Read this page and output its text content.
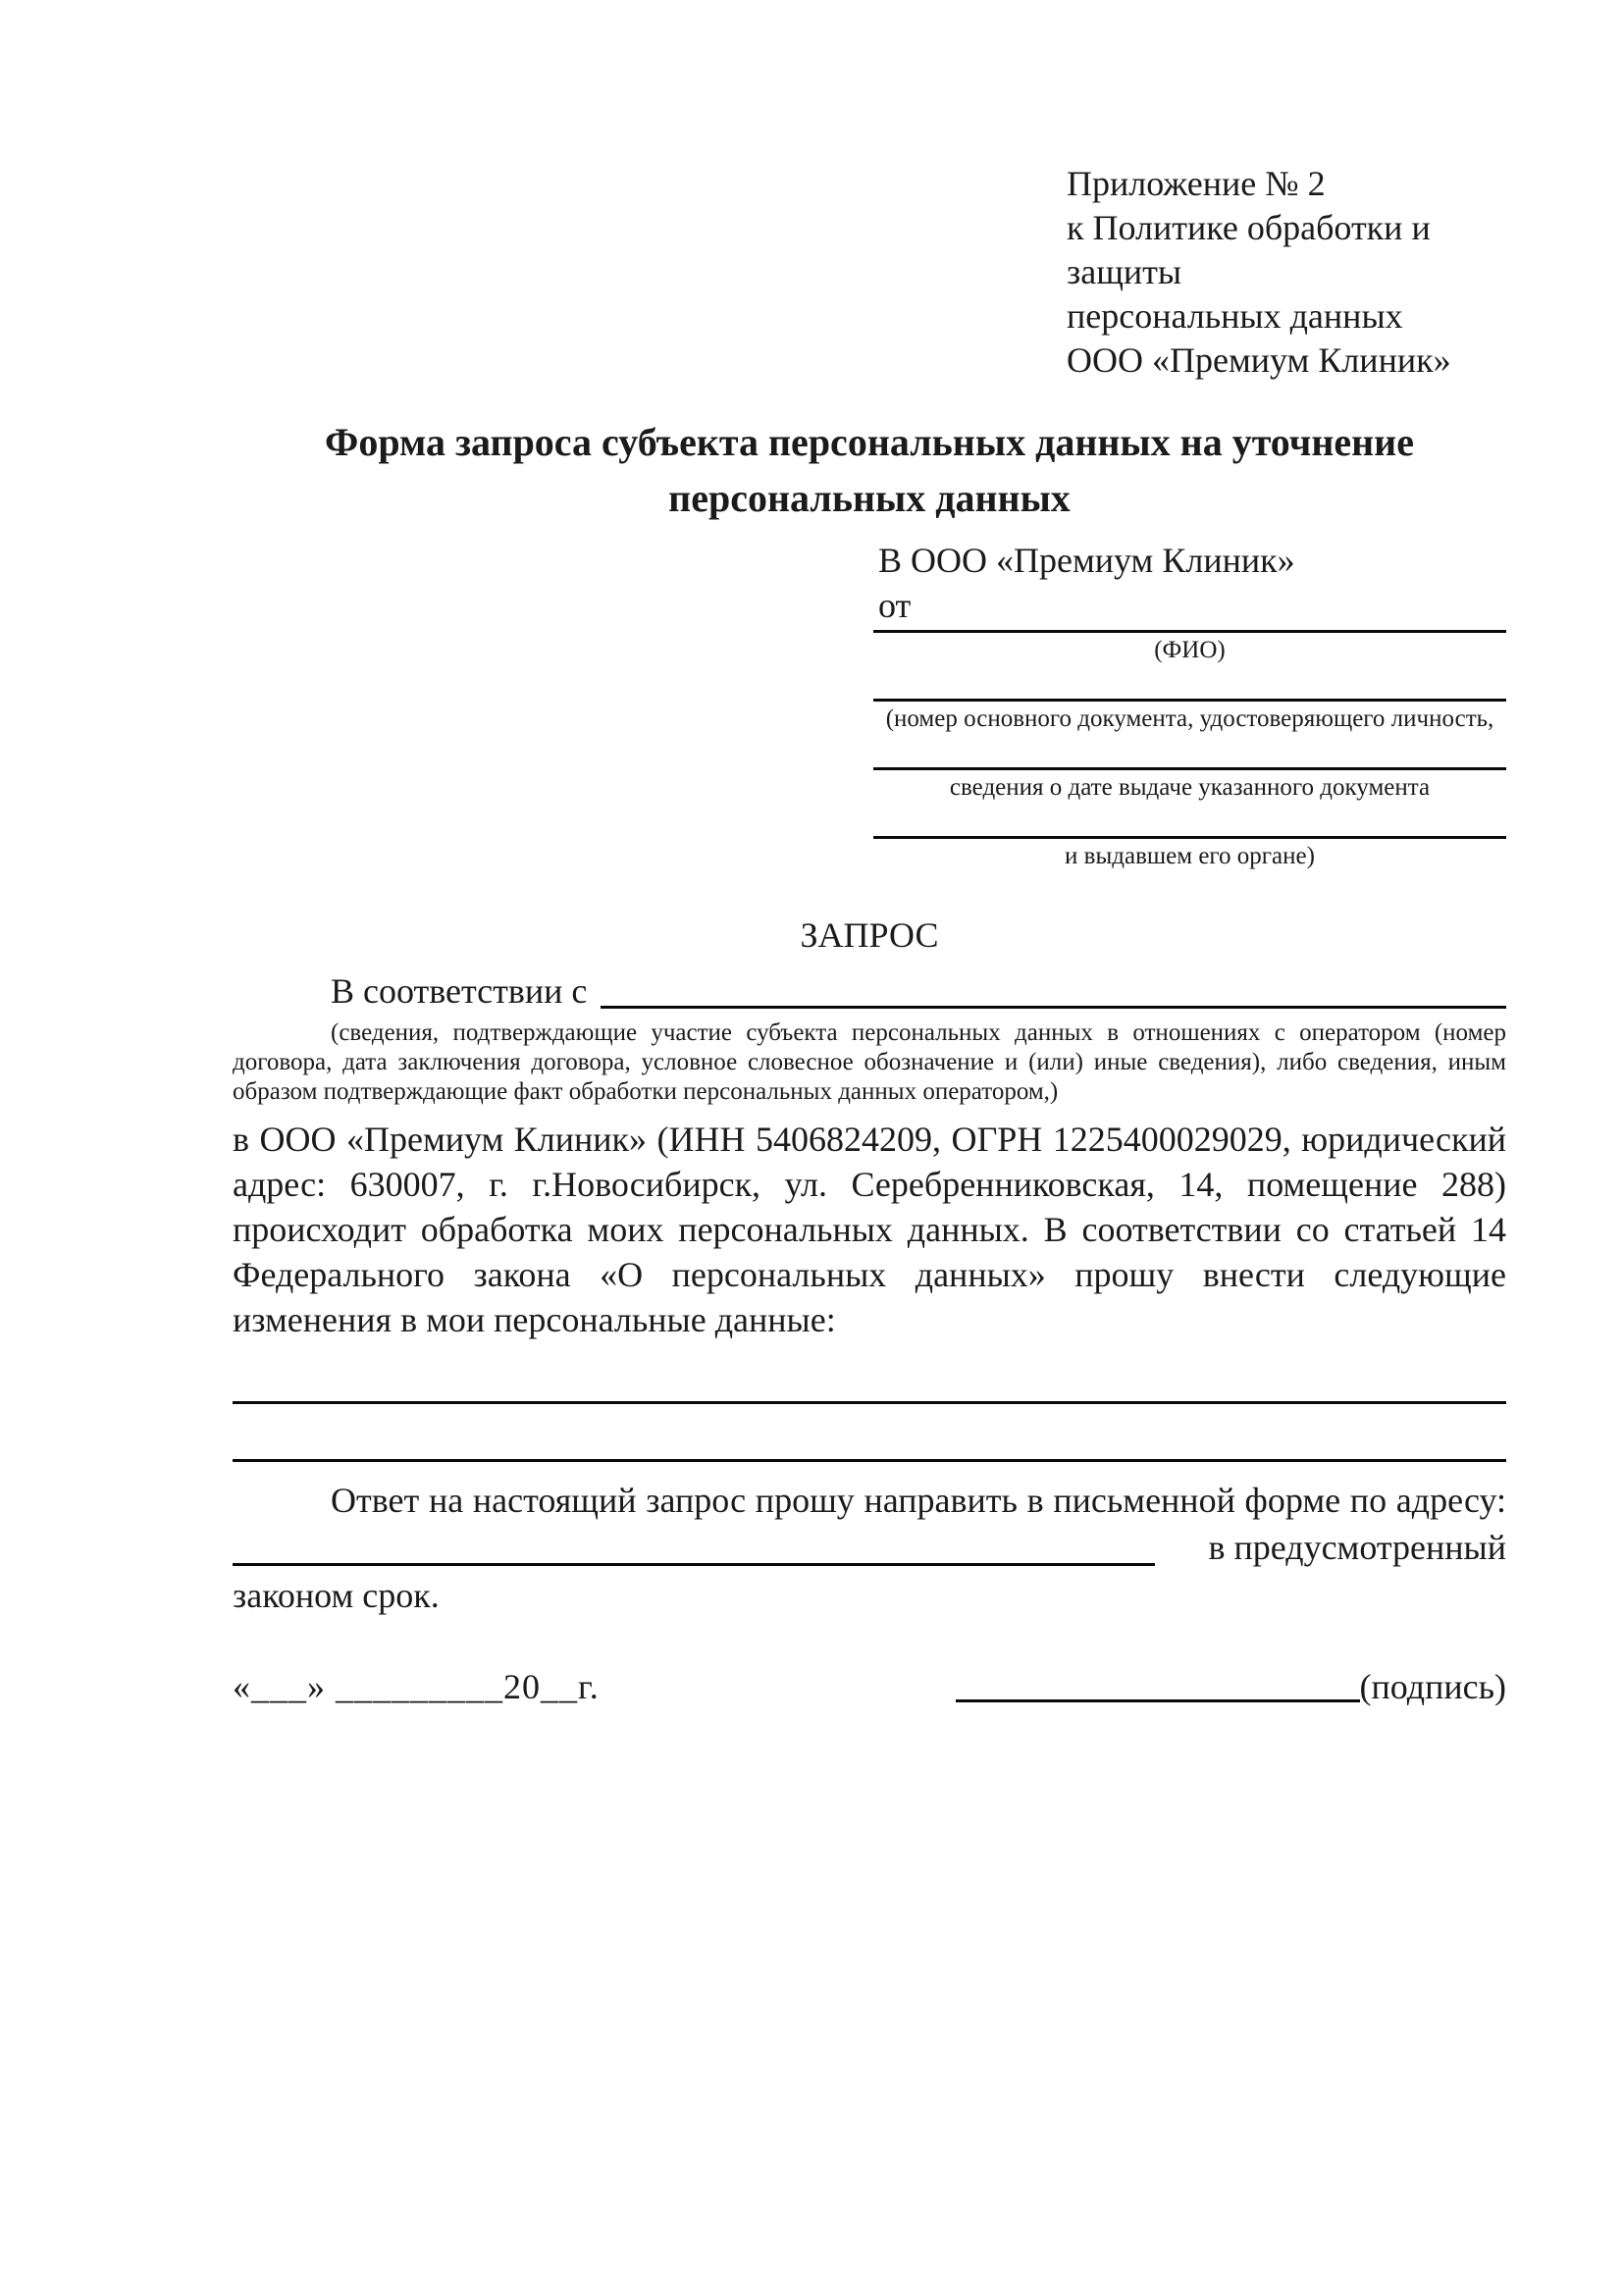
Приложение № 2
к Политике обработки и защиты
персональных данных
ООО «Премиум Клиник»
Форма запроса субъекта персональных данных на уточнение персональных данных
В ООО «Премиум Клиник»
от
(ФИО)
(номер основного документа, удостоверяющего личность,
сведения о дате выдаче указанного документа
и выдавшем его органе)
ЗАПРОС
В соответствии с
(сведения, подтверждающие участие субъекта персональных данных в отношениях с оператором (номер договора, дата заключения договора, условное словесное обозначение и (или) иные сведения), либо сведения, иным образом подтверждающие факт обработки персональных данных оператором,)
в ООО «Премиум Клиник» (ИНН 5406824209, ОГРН 1225400029029, юридический адрес: 630007, г. г.Новосибирск, ул. Серебренниковская, 14, помещение 288) происходит обработка моих персональных данных. В соответствии со статьей 14 Федерального закона «О персональных данных» прошу внести следующие изменения в мои персональные данные:
Ответ на настоящий запрос прошу направить в письменной форме по адресу:
в предусмотренный
законом срок.
«___» _________20__г.	(подпись)
